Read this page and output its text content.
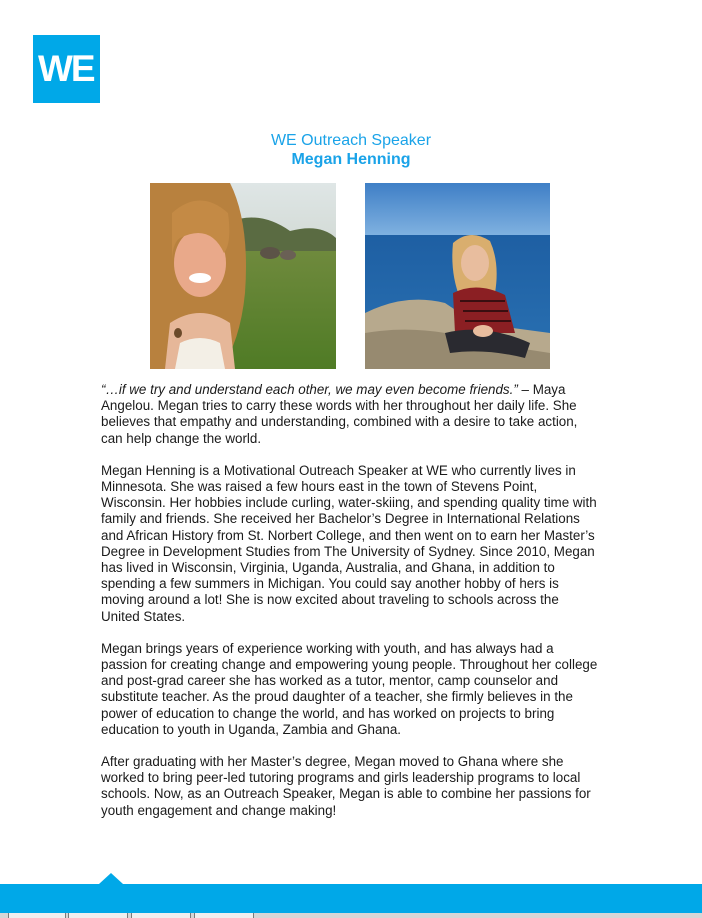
WE
WE Outreach Speaker
Megan Henning

“…if we try and understand each other, we may even become friends.” – Maya Angelou. Megan tries to carry these words with her throughout her daily life. She believes that empathy and understanding, combined with a desire to take action, can help change the world.

Megan Henning is a Motivational Outreach Speaker at WE who currently lives in Minnesota. She was raised a few hours east in the town of Stevens Point, Wisconsin. Her hobbies include curling, water-skiing, and spending quality time with family and friends. She received her Bachelor’s Degree in International Relations and African History from St. Norbert College, and then went on to earn her Master’s Degree in Development Studies from The University of Sydney. Since 2010, Megan has lived in Wisconsin, Virginia, Uganda, Australia, and Ghana, in addition to spending a few summers in Michigan. You could say another hobby of hers is moving around a lot! She is now excited about traveling to schools across the United States.

Megan brings years of experience working with youth, and has always had a passion for creating change and empowering young people. Throughout her college and post-grad career she has worked as a tutor, mentor, camp counselor and substitute teacher. As the proud daughter of a teacher, she firmly believes in the power of education to change the world, and has worked on projects to bring education to youth in Uganda, Zambia and Ghana.

After graduating with her Master’s degree, Megan moved to Ghana where she worked to bring peer-led tutoring programs and girls leadership programs to local schools. Now, as an Outreach Speaker, Megan is able to combine her passions for youth engagement and change making!
